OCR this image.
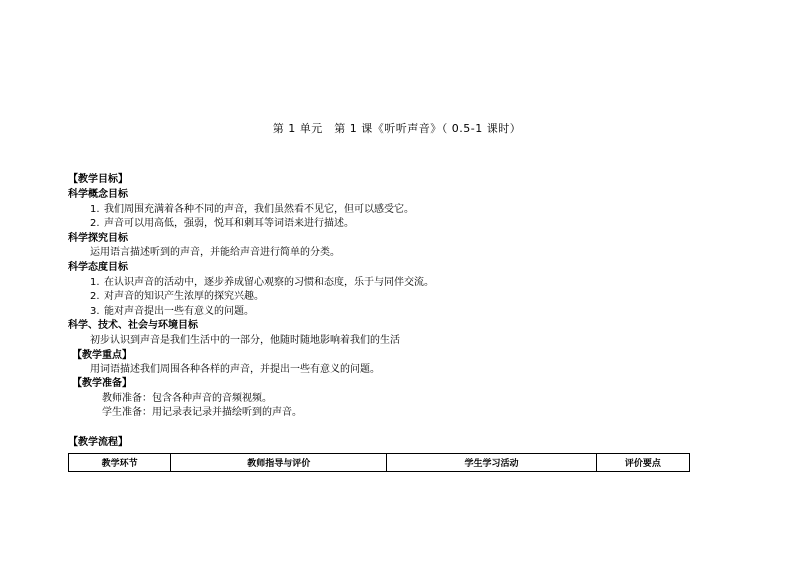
第 1 单元　第 1 课《听听声音》（ 0.5-1 课时）
【教学目标】
科学概念目标
1. 我们周围充满着各种不同的声音，我们虽然看不见它，但可以感受它。
2. 声音可以用高低，强弱，悦耳和刺耳等词语来进行描述。
科学探究目标
运用语言描述听到的声音，并能给声音进行简单的分类。
科学态度目标
1. 在认识声音的活动中，逐步养成留心观察的习惯和态度，乐于与同伴交流。
2. 对声音的知识产生浓厚的探究兴趣。
3. 能对声音提出一些有意义的问题。
科学、技术、社会与环境目标
初步认识到声音是我们生活中的一部分，他随时随地影响着我们的生活
【教学重点】
用词语描述我们周围各种各样的声音，并提出一些有意义的问题。
【教学准备】
教师准备：包含各种声音的音频视频。
学生准备：用记录表记录并描绘听到的声音。
【教学流程】
教学环节	教师指导与评价	学生学习活动	评价要点
